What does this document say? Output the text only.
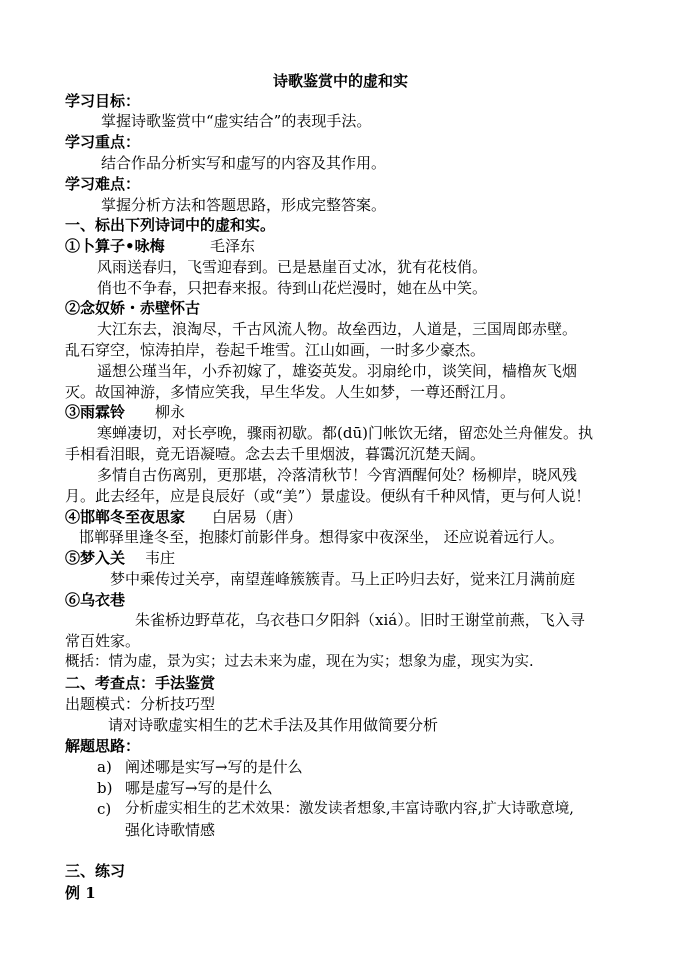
诗歌鉴赏中的虚和实
学习目标：
掌握诗歌鉴赏中“虚实结合”的表现手法。
学习重点：
结合作品分析实写和虚写的内容及其作用。
学习难点：
掌握分析方法和答题思路，形成完整答案。
一、标出下列诗词中的虚和实。
①卜算子•咏梅	毛泽东
风雨送春归，飞雪迎春到。已是悬崖百丈冰，犹有花枝俏。
俏也不争春，只把春来报。待到山花烂漫时，她在丛中笑。
②念奴娇・赤壁怀古
大江东去，浪淘尽，千古风流人物。故垒西边，人道是，三国周郎赤壁。
乱石穿空，惊涛拍岸，卷起千堆雪。江山如画，一时多少豪杰。
遥想公瑾当年，小乔初嫁了，雄姿英发。羽扇纶巾，谈笑间，樯橹灰飞烟
灭。故国神游，多情应笑我，早生华发。人生如梦，一尊还酹江月。
③雨霖铃 柳永
寒蝉凄切，对长亭晚，骤雨初歇。都(dū)门帐饮无绪，留恋处兰舟催发。执
手相看泪眼，竟无语凝噎。念去去千里烟波，暮霭沉沉楚天阔。
多情自古伤离别，更那堪，冷落清秋节！今宵酒醒何处？杨柳岸，晓风残
月。此去经年，应是良辰好（或“美”）景虚设。便纵有千种风情，更与何人说！
④邯郸冬至夜思家 白居易（唐）
邯郸驿里逢冬至，抱膝灯前影伴身。想得家中夜深坐， 还应说着远行人。
⑤梦入关 韦庄
梦中乘传过关亭，南望莲峰簇簇青。马上正吟归去好，觉来江月满前庭
⑥乌衣巷
朱雀桥边野草花，乌衣巷口夕阳斜（xiá）。旧时王谢堂前燕，飞入寻
常百姓家。
概括：情为虚，景为实；过去未来为虚，现在为实；想象为虚，现实为实.
二、考查点：手法鉴赏
出题模式：分析技巧型
请对诗歌虚实相生的艺术手法及其作用做简要分析
解题思路：
a) 阐述哪是实写→写的是什么
b) 哪是虚写→写的是什么
c) 分析虚实相生的艺术效果：激发读者想象,丰富诗歌内容,扩大诗歌意境,
强化诗歌情感
三、练习
例 1
